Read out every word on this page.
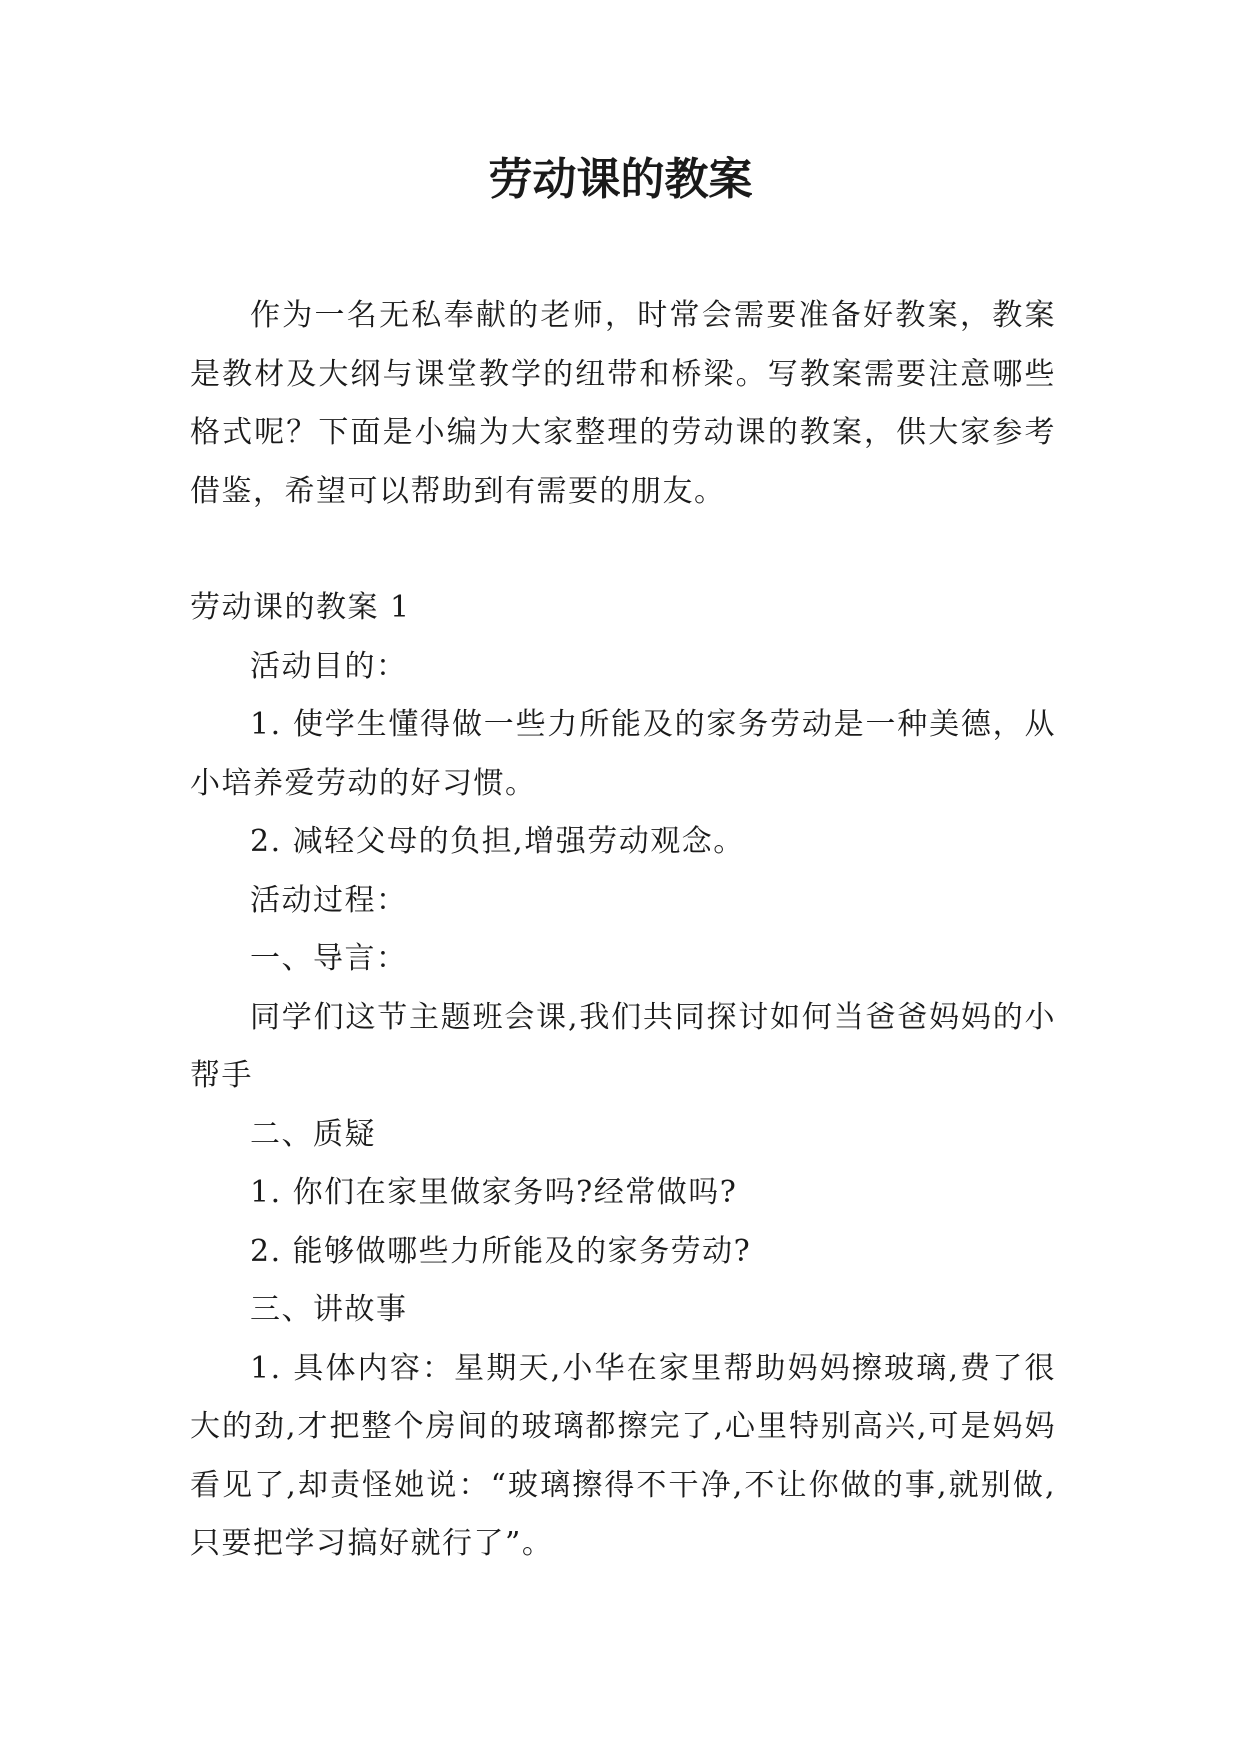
劳动课的教案

作为一名无私奉献的老师，时常会需要准备好教案，教案是教材及大纲与课堂教学的纽带和桥梁。写教案需要注意哪些格式呢？下面是小编为大家整理的劳动课的教案，供大家参考借鉴，希望可以帮助到有需要的朋友。

劳动课的教案 1

活动目的：

1. 使学生懂得做一些力所能及的家务劳动是一种美德，从小培养爱劳动的好习惯。

2. 减轻父母的负担,增强劳动观念。

活动过程：

一、导言：

同学们这节主题班会课,我们共同探讨如何当爸爸妈妈的小帮手

二、质疑

1. 你们在家里做家务吗?经常做吗?

2. 能够做哪些力所能及的家务劳动?

三、讲故事

1. 具体内容：星期天,小华在家里帮助妈妈擦玻璃,费了很大的劲,才把整个房间的玻璃都擦完了,心里特别高兴,可是妈妈看见了,却责怪她说：“玻璃擦得不干净,不让你做的事,就别做,只要把学习搞好就行了”。
